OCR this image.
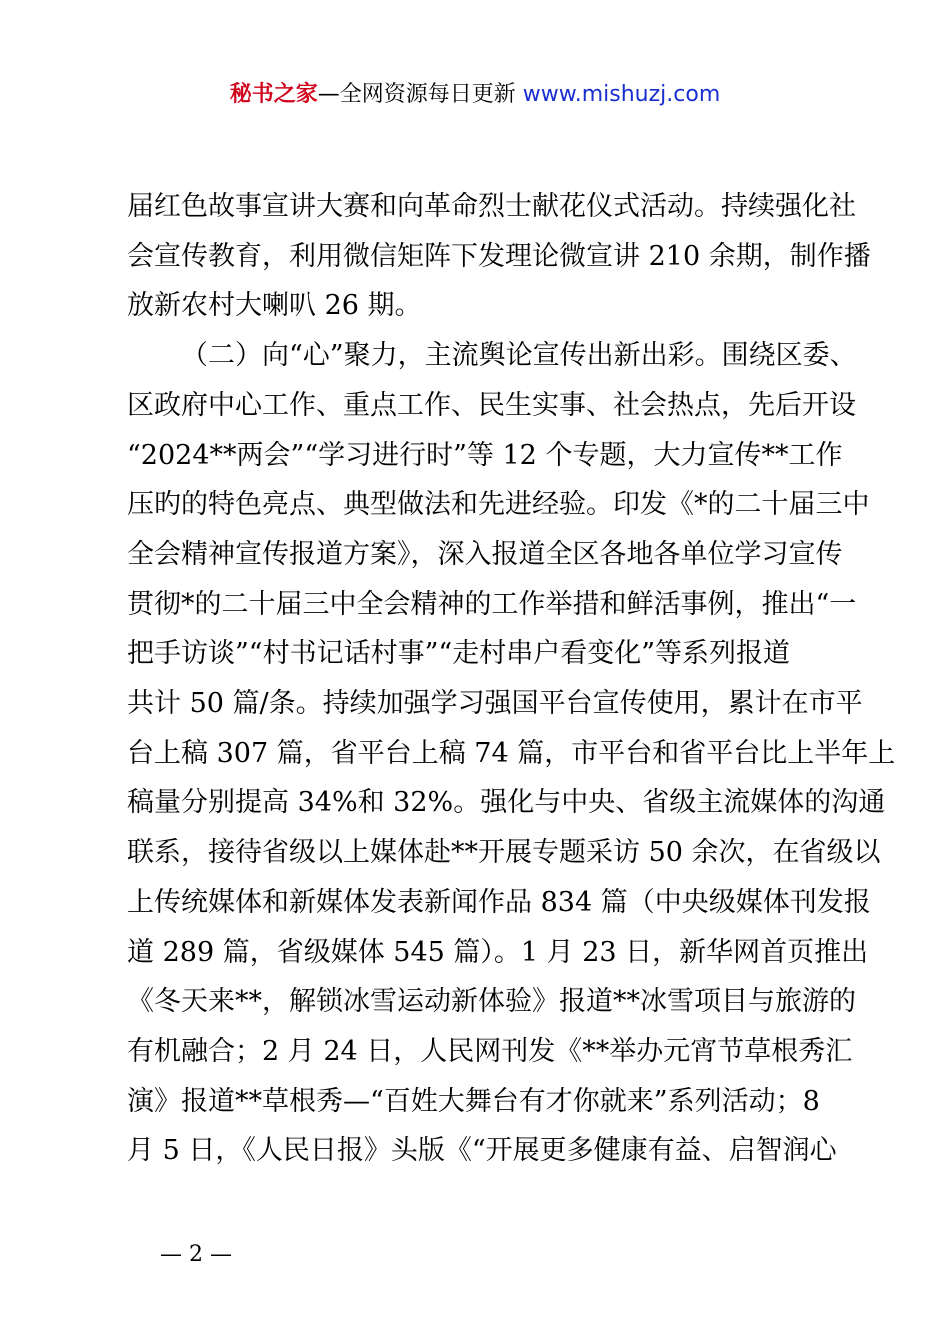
秘书之家—全网资源每日更新 www.mishuzj.com

届红色故事宣讲大赛和向革命烈士献花仪式活动。持续强化社
会宣传教育，利用微信矩阵下发理论微宣讲 210 余期，制作播
放新农村大喇叭 26 期。

（二）向“心”聚力，主流舆论宣传出新出彩。围绕区委、
区政府中心工作、重点工作、民生实事、社会热点，先后开设
“2024**两会”“学习进行时”等 12 个专题，大力宣传**工作
压旳的特色亮点、典型做法和先进经验。印发《*的二十届三中
全会精神宣传报道方案》，深入报道全区各地各单位学习宣传
贯彻*的二十届三中全会精神的工作举措和鲜活事例，推出“一
把手访谈”“村书记话村事”“走村串户看变化”等系列报道
共计 50 篇/条。持续加强学习强国平台宣传使用，累计在市平
台上稿 307 篇，省平台上稿 74 篇，市平台和省平台比上半年上
稿量分别提高 34%和 32%。强化与中央、省级主流媒体的沟通
联系，接待省级以上媒体赴**开展专题采访 50 余次，在省级以
上传统媒体和新媒体发表新闻作品 834 篇（中央级媒体刊发报
道 289 篇，省级媒体 545 篇）。1 月 23 日，新华网首页推出
《冬天来**，解锁冰雪运动新体验》报道**冰雪项目与旅游的
有机融合；2 月 24 日，人民网刊发《**举办元宵节草根秀汇
演》报道**草根秀—“百姓大舞台有才你就来”系列活动；8
月 5 日，《人民日报》头版《“开展更多健康有益、启智润心

— 2 —
